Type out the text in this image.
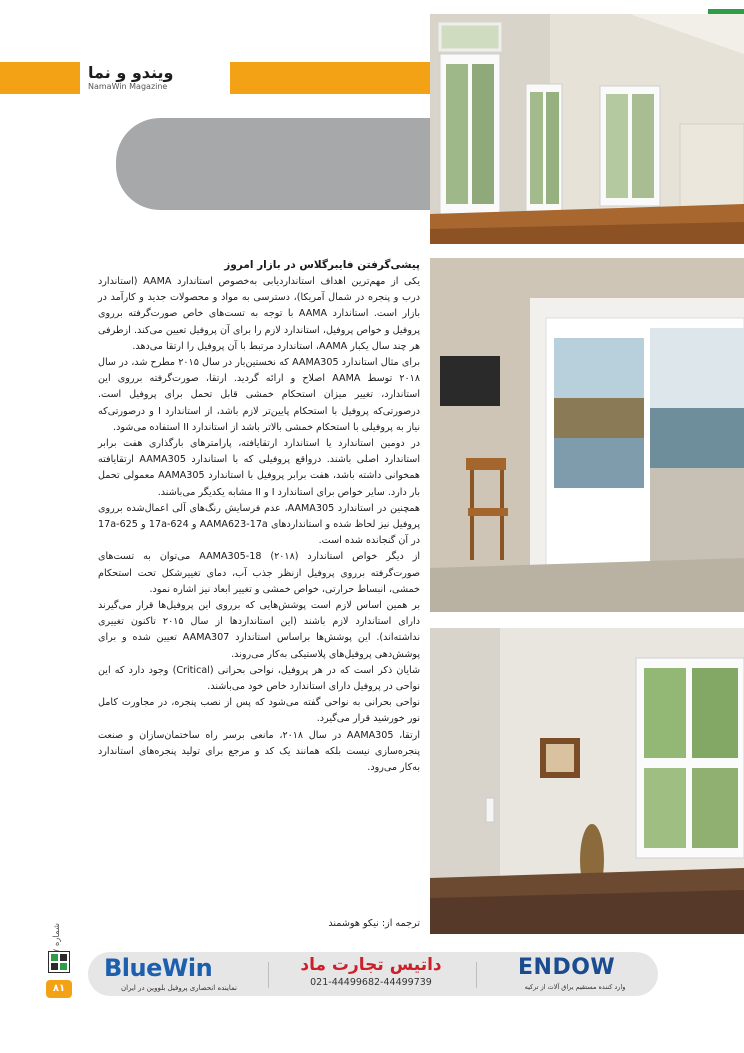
ویندو و نما
NamaWin Magazine
پیشی‌گرفتن فایبرگلاس در بازار امروز

یکی از مهم‌ترین اهداف استانداردیابی به‌خصوص استاندارد AAMA (استاندارد درب و پنجره در شمال آمریکا)، دسترسی به مواد و محصولات جدید و کارآمد در بازار است. استاندارد AAMA با توجه به تست‌های خاص صورت‌گرفته برروی پروفیل و خواص پروفیل، استاندارد لازم را برای آن پروفیل تعیین می‌کند. ازطرفی هر چند سال یکبار AAMA، استاندارد مرتبط با آن پروفیل را ارتقا می‌دهد.

برای مثال استاندارد AAMA305 که نخستین‌بار در سال ۲۰۱۵ مطرح شد، در سال ۲۰۱۸ توسط AAMA اصلاح و ارائه گردید. ارتقا، صورت‌گرفته برروی این استاندارد، تغییر میزان استحکام خمشی قابل تحمل برای پروفیل است. درصورتی‌که پروفیل با استحکام پایین‌تر لازم باشد، از استاندارد I و درصورتی‌که نیاز به پروفیلی با استحکام خمشی بالاتر باشد از استاندارد II استفاده می‌شود.

در دومین استاندارد یا استاندارد ارتقا‌یافته، پارامترهای بارگذاری هفت برابر استاندارد اصلی باشند. درواقع پروفیلی که با استاندارد AAMA305 ارتقا‌یافته همخوانی داشته باشد، هفت برابر پروفیل با استاندارد AAMA305 معمولی تحمل بار دارد. سایر خواص برای استاندارد I و II مشابه یکدیگر می‌باشند.

همچنین در استاندارد AAMA305، عدم فرسایش رنگ‌های آلی اعمال‌شده برروی پروفیل نیز لحاظ شده و استانداردهای AAMA623-17a و 624-17a و 625-17a در آن گنجانده شده است.

از دیگر خواص استاندارد AAMA305-18 (۲۰۱۸) می‌توان به تست‌های صورت‌گرفته برروی پروفیل ازنظر جذب آب، دمای تغییرشکل تحت استحکام خمشی، انبساط حرارتی، خواص خمشی و تغییر ابعاد نیز اشاره نمود.

بر همین اساس لازم است پوشش‌هایی که برروی این پروفیل‌ها قرار می‌گیرند دارای استاندارد لازم باشند (این استانداردها از سال ۲۰۱۵ تاکنون تغییری نداشته‌اند). این پوشش‌ها براساس استاندارد AAMA307 تعیین شده و برای پوشش‌دهی پروفیل‌های پلاستیکی به‌کار می‌روند.

شایان ذکر است که در هر پروفیل، نواحی بحرانی (Critical) وجود دارد که این نواحی در پروفیل دارای استاندارد خاص خود می‌باشند.

نواحی بحرانی به نواحی گفته می‌شود که پس از نصب پنجره، در مجاورت کامل نور خورشید قرار می‌گیرد.

ارتقا، AAMA305 در سال ۲۰۱۸، مانعی برسر راه ساختمان‌سازان و صنعت پنجره‌سازی نیست بلکه همانند یک کد و مرجع برای تولید پنجره‌های استاندارد به‌کار می‌رود.

ترجمه از: نیکو هوشمند
شماره
۸۱
BlueWin
نماینده انحصاری پروفیل بلووین در ایران
داتیس تجارت ماد
021-44499682-44499739
ENDOW
وارد کننده مستقیم یراق آلات از ترکیه
